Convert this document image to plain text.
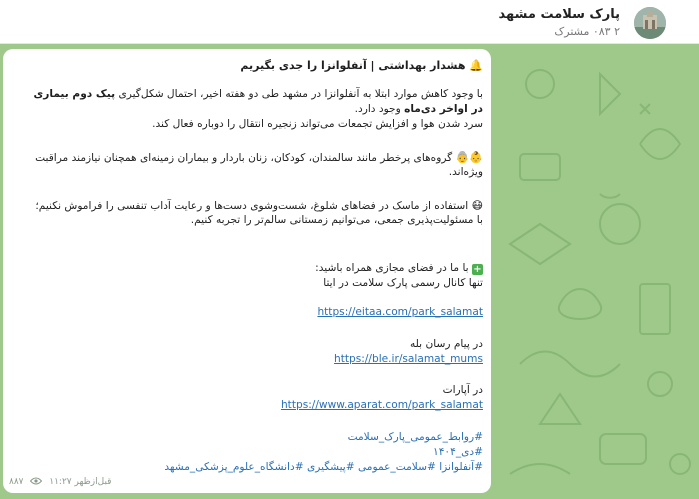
پارک سلامت مشهد
۲ ۰۸۳ مشترک
🔔 هشدار بهداشتی | آنفلوانزا را جدی بگیریم
با وجود کاهش موارد ابتلا به آنفلوانزا در مشهد طی دو هفته اخیر، احتمال شکل‌گیری پیک دوم بیماری
در اواخر دی‌ماه وجود دارد.
سرد شدن هوا و افزایش تجمعات می‌تواند زنجیره انتقال را دوباره فعال کند.
👶👵 گروه‌های پرخطر مانند سالمندان، کودکان، زنان باردار و بیماران زمینه‌ای همچنان نیازمند مراقبت
ویژه‌اند.
😷 استفاده از ماسک در فضاهای شلوغ، شست‌وشوی دست‌ها و رعایت آداب تنفسی را فراموش نکنیم؛
با مسئولیت‌پذیری جمعی، می‌توانیم زمستانی سالم‌تر را تجربه کنیم.
+ با ما در فضای مجازی همراه باشید:
تنها کانال رسمی پارک سلامت در ایتا
https://eitaa.com/park_salamat
در پیام رسان بله
https://ble.ir/salamat_mums
در آپارات
https://www.aparat.com/park_salamat
#روابط_عمومی_پارک_سلامت
#دی_۱۴۰۴
#آنفلوانزا #سلامت_عمومی #پیشگیری #دانشگاه_علوم_پزشکی_مشهد
۸۸۷	۱۱:۲۷ قبل‌ازظهر
